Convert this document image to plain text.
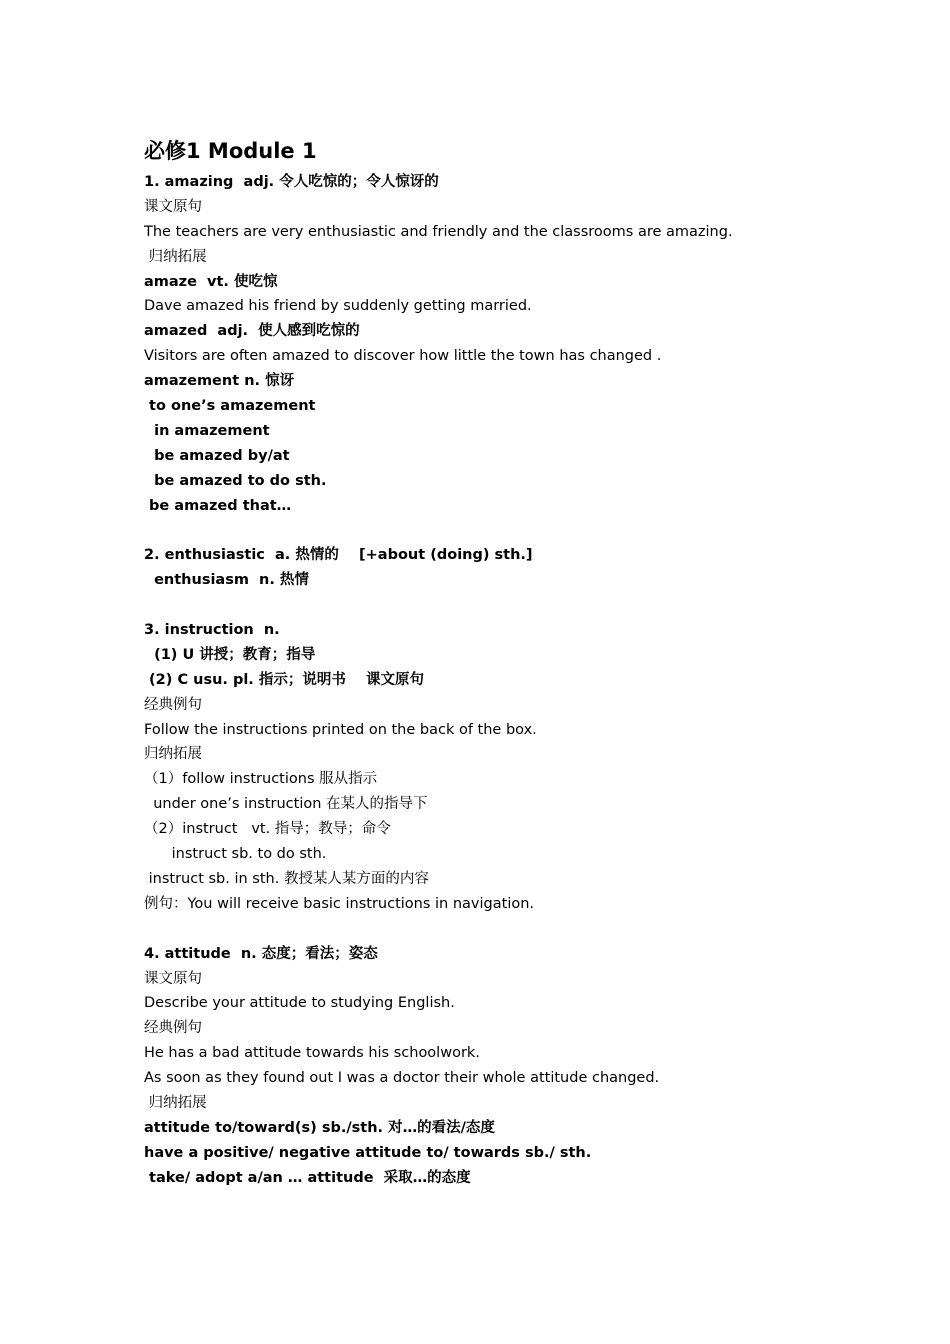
必修1 Module 1
1. amazing  adj. 令人吃惊的；令人惊讶的
课文原句
The teachers are very enthusiastic and friendly and the classrooms are amazing.
归纳拓展
amaze  vt. 使吃惊
Dave amazed his friend by suddenly getting married.
amazed  adj.  使人感到吃惊的
Visitors are often amazed to discover how little the town has changed .
amazement n. 惊讶
to one’s amazement
in amazement
be amazed by/at
be amazed to do sth.
be amazed that…
2. enthusiastic  a. 热情的    [+about (doing) sth.]
enthusiasm  n. 热情
3. instruction  n.
(1) U 讲授；教育；指导
(2) C usu. pl. 指示；说明书    课文原句
经典例句
Follow the instructions printed on the back of the box.
归纳拓展
（1）follow instructions 服从指示
under one’s instruction 在某人的指导下
（2）instruct   vt. 指导；教导；命令
instruct sb. to do sth.
instruct sb. in sth. 教授某人某方面的内容
例句：You will receive basic instructions in navigation.
4. attitude  n. 态度；看法；姿态
课文原句
Describe your attitude to studying English.
经典例句
He has a bad attitude towards his schoolwork.
As soon as they found out I was a doctor their whole attitude changed.
归纳拓展
attitude to/toward(s) sb./sth. 对…的看法/态度
have a positive/ negative attitude to/ towards sb./ sth.
take/ adopt a/an … attitude  采取…的态度
